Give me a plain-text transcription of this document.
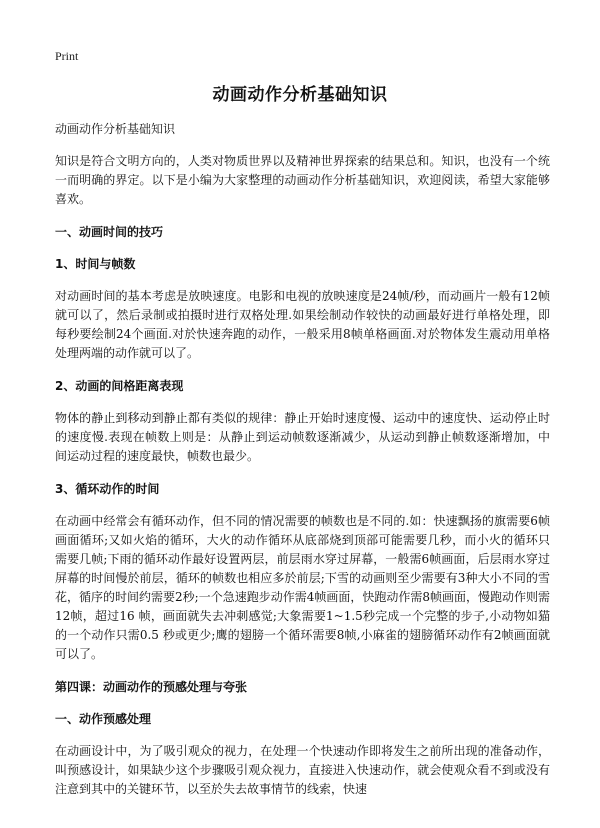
Print
动画动作分析基础知识

动画动作分析基础知识

知识是符合文明方向的，人类对物质世界以及精神世界探索的结果总和。知识，也没有一个统一而明确的界定。以下是小编为大家整理的动画动作分析基础知识，欢迎阅读，希望大家能够喜欢。

一、动画时间的技巧

1、时间与帧数

对动画时间的基本考虑是放映速度。电影和电视的放映速度是24帧/秒，而动画片一般有12帧就可以了，然后录制或拍摄时进行双格处理.如果绘制动作较快的动画最好进行单格处理，即每秒要绘制24个画面.对於快速奔跑的动作，一般采用8帧单格画面.对於物体发生震动用单格处理两端的动作就可以了。

2、动画的间格距离表现

物体的静止到移动到静止都有类似的规律：静止开始时速度慢、运动中的速度快、运动停止时的速度慢.表现在帧数上则是：从静止到运动帧数逐渐减少，从运动到静止帧数逐渐增加，中间运动过程的速度最快，帧数也最少。

3、循环动作的时间

在动画中经常会有循环动作，但不同的情况需要的帧数也是不同的.如：快速飘扬的旗需要6帧画面循环;又如火焰的循环，大火的动作循环从底部烧到顶部可能需要几秒，而小火的循环只需要几帧;下雨的循环动作最好设置两层，前层雨水穿过屏幕，一般需6帧画面，后层雨水穿过屏幕的时间慢於前层，循环的帧数也相应多於前层;下雪的动画则至少需要有3种大小不同的雪花，循序的时间约需要2秒;一个急速跑步动作需4帧画面，快跑动作需8帧画面，慢跑动作则需12帧，超过16 帧，画面就失去冲刺感觉;大象需要1~1.5秒完成一个完整的步子,小动物如猫的一个动作只需0.5 秒或更少;鹰的翅膀一个循环需要8帧,小麻雀的翅膀循环动作有2帧画面就可以了。

第四课：动画动作的预感处理与夸张

一、动作预感处理

在动画设计中，为了吸引观众的视力，在处理一个快速动作即将发生之前所出现的准备动作，叫预感设计，如果缺少这个步骤吸引观众视力，直接进入快速动作，就会使观众看不到或没有注意到其中的关键环节，以至於失去故事情节的线索，快速
